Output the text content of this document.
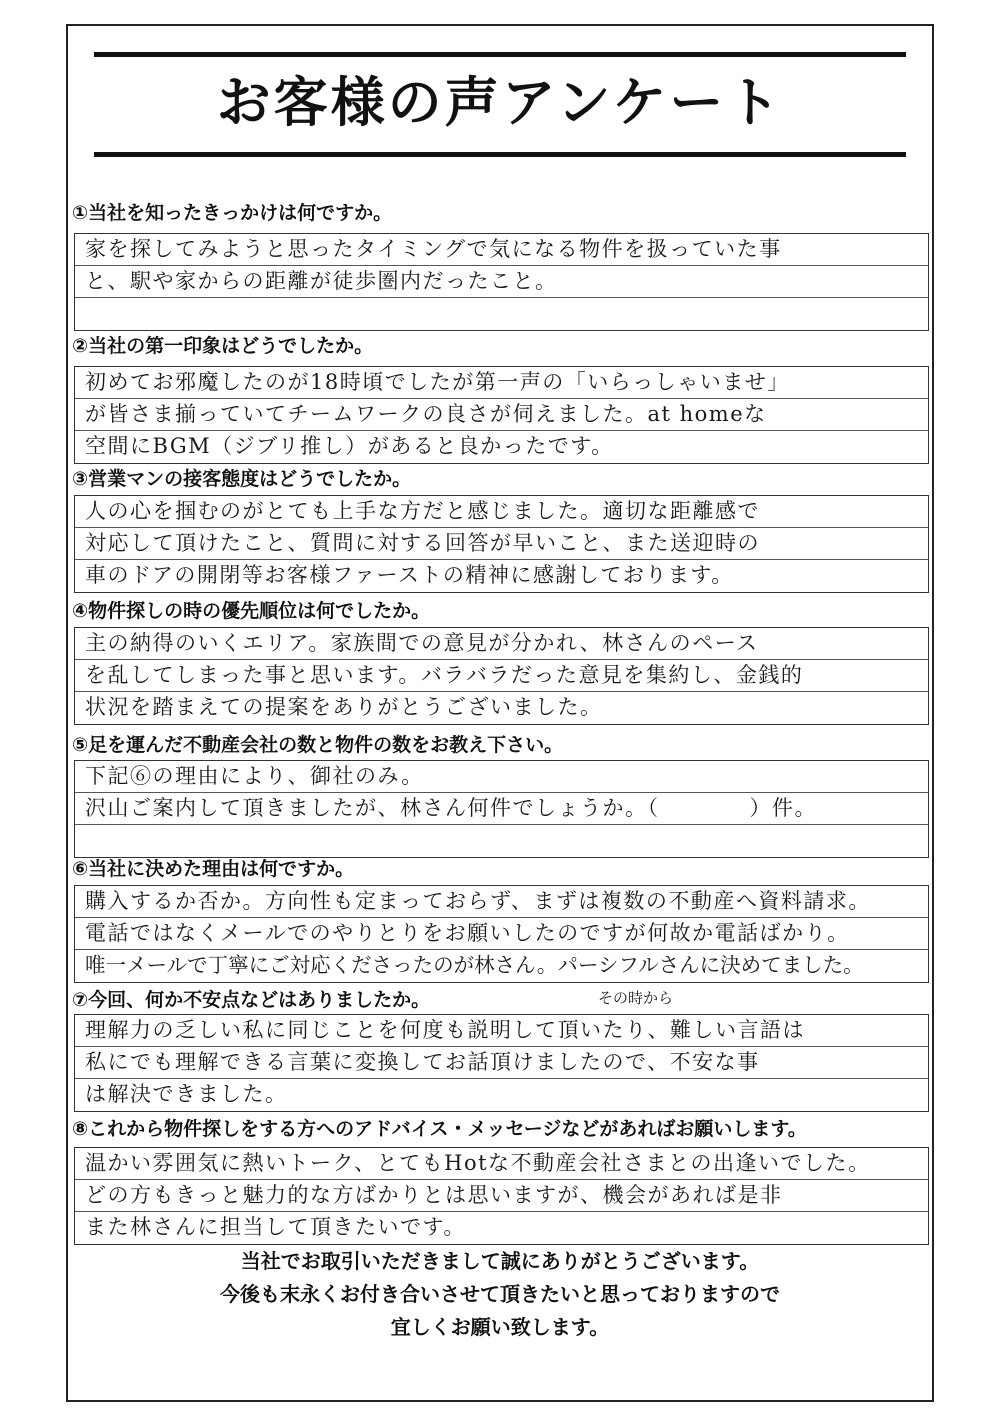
お客様の声アンケート
①当社を知ったきっかけは何ですか。
家を探してみようと思ったタイミングで気になる物件を扱っていた事
と、駅や家からの距離が徒歩圏内だったこと。
②当社の第一印象はどうでしたか。
初めてお邪魔したのが18時頃でしたが第一声の「いらっしゃいませ」
が皆さま揃っていてチームワークの良さが伺えました。at homeな
空間にBGM（ジブリ推し）があると良かったです。
③営業マンの接客態度はどうでしたか。
人の心を掴むのがとても上手な方だと感じました。適切な距離感で
対応して頂けたこと、質問に対する回答が早いこと、また送迎時の
車のドアの開閉等お客様ファーストの精神に感謝しております。
④物件探しの時の優先順位は何でしたか。
主の納得のいくエリア。家族間での意見が分かれ、林さんのペース
を乱してしまった事と思います。バラバラだった意見を集約し、金銭的
状況を踏まえての提案をありがとうございました。
⑤足を運んだ不動産会社の数と物件の数をお教え下さい。
下記⑥の理由により、御社のみ。
沢山ご案内して頂きましたが、林さん何件でしょうか。（　　　　）件。
⑥当社に決めた理由は何ですか。
購入するか否か。方向性も定まっておらず、まずは複数の不動産へ資料請求。
電話ではなくメールでのやりとりをお願いしたのですが何故か電話ばかり。
唯一メールで丁寧にご対応くださったのが林さん。パーシフルさんに決めてました。
⑦今回、何か不安点などはありましたか。	その時から
理解力の乏しい私に同じことを何度も説明して頂いたり、難しい言語は
私にでも理解できる言葉に変換してお話頂けましたので、不安な事
は解決できました。
⑧これから物件探しをする方へのアドバイス・メッセージなどがあればお願いします。
温かい雰囲気に熱いトーク、とてもHotな不動産会社さまとの出逢いでした。
どの方もきっと魅力的な方ばかりとは思いますが、機会があれば是非
また林さんに担当して頂きたいです。
当社でお取引いただきまして誠にありがとうございます。
今後も末永くお付き合いさせて頂きたいと思っておりますので
宜しくお願い致します。
